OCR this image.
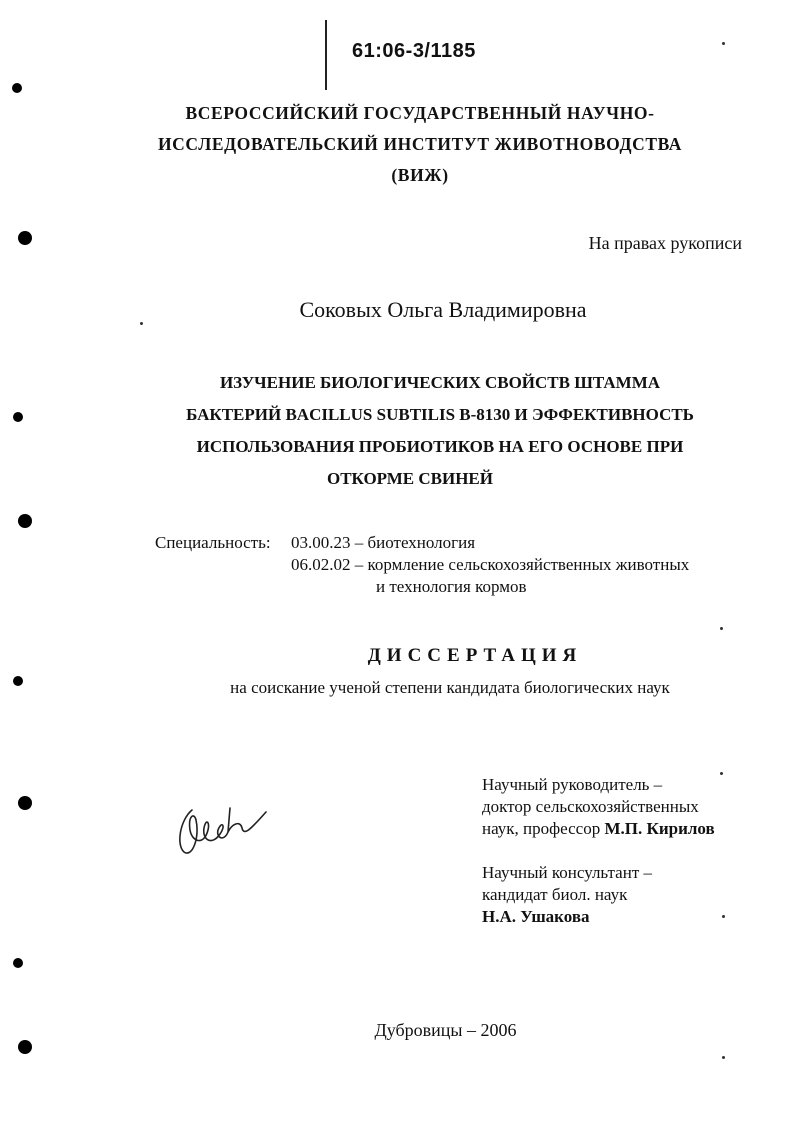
61:06-3/1185
ВСЕРОССИЙСКИЙ ГОСУДАРСТВЕННЫЙ НАУЧНО-
ИССЛЕДОВАТЕЛЬСКИЙ ИНСТИТУТ ЖИВОТНОВОДСТВА
(ВИЖ)
На правах рукописи
Соковых Ольга Владимировна
ИЗУЧЕНИЕ БИОЛОГИЧЕСКИХ СВОЙСТВ ШТАММА
БАКТЕРИЙ BACILLUS SUBTILIS В-8130 И ЭФФЕКТИВНОСТЬ
ИСПОЛЬЗОВАНИЯ ПРОБИОТИКОВ НА ЕГО ОСНОВЕ ПРИ
ОТКОРМЕ СВИНЕЙ
Специальность: 03.00.23 – биотехнология
06.02.02 – кормление сельскохозяйственных животных
и технология кормов
ДИССЕРТАЦИЯ
на соискание ученой степени кандидата биологических наук
Научный руководитель –
доктор сельскохозяйственных
наук, профессор М.П. Кирилов
Научный консультант –
кандидат биол. наук
Н.А. Ушакова
Дубровицы – 2006
